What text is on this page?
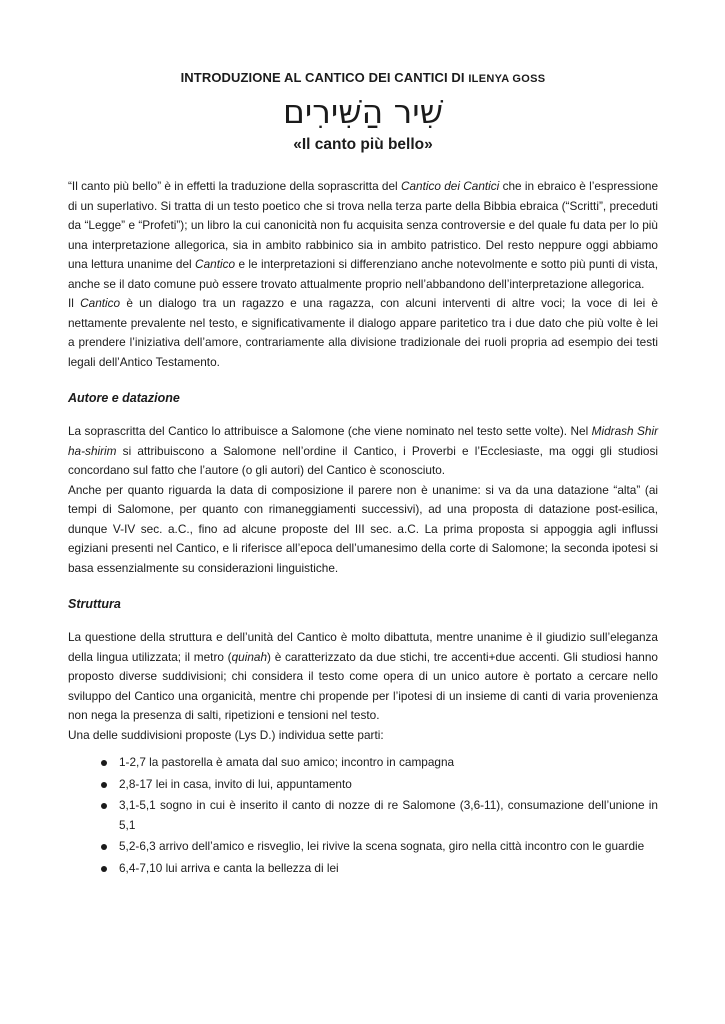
INTRODUZIONE AL CANTICO DEI CANTICI DI ILENYA GOSS
שִׁיר הַשִּׁירִים
«Il canto più bello»

“Il canto più bello” è in effetti la traduzione della soprascritta del Cantico dei Cantici che in ebraico è l’espressione di un superlativo. Si tratta di un testo poetico che si trova nella terza parte della Bibbia ebraica (“Scritti”, preceduti da “Legge” e “Profeti”); un libro la cui canonicità non fu acquisita senza controversie e del quale fu data per lo più una interpretazione allegorica, sia in ambito rabbinico sia in ambito patristico. Del resto neppure oggi abbiamo una lettura unanime del Cantico e le interpretazioni si differenziano anche notevolmente e sotto più punti di vista, anche se il dato comune può essere trovato attualmente proprio nell’abbandono dell’interpretazione allegorica.

Il Cantico è un dialogo tra un ragazzo e una ragazza, con alcuni interventi di altre voci; la voce di lei è nettamente prevalente nel testo, e significativamente il dialogo appare paritetico tra i due dato che più volte è lei a prendere l’iniziativa dell’amore, contrariamente alla divisione tradizionale dei ruoli propria ad esempio dei testi legali dell’Antico Testamento.

Autore e datazione

La soprascritta del Cantico lo attribuisce a Salomone (che viene nominato nel testo sette volte). Nel Midrash Shir ha-shirim si attribuiscono a Salomone nell’ordine il Cantico, i Proverbi e l’Ecclesiaste, ma oggi gli studiosi concordano sul fatto che l’autore (o gli autori) del Cantico è sconosciuto.

Anche per quanto riguarda la data di composizione il parere non è unanime: si va da una datazione “alta” (ai tempi di Salomone, per quanto con rimaneggiamenti successivi), ad una proposta di datazione post-esilica, dunque V-IV sec. a.C., fino ad alcune proposte del III sec. a.C. La prima proposta si appoggia agli influssi egiziani presenti nel Cantico, e li riferisce all’epoca dell’umanesimo della corte di Salomone; la seconda ipotesi si basa essenzialmente su considerazioni linguistiche.

Struttura

La questione della struttura e dell’unità del Cantico è molto dibattuta, mentre unanime è il giudizio sull’eleganza della lingua utilizzata; il metro (quinah) è caratterizzato da due stichi, tre accenti+due accenti. Gli studiosi hanno proposto diverse suddivisioni; chi considera il testo come opera di un unico autore è portato a cercare nello sviluppo del Cantico una organicità, mentre chi propende per l’ipotesi di un insieme di canti di varia provenienza non nega la presenza di salti, ripetizioni e tensioni nel testo.

Una delle suddivisioni proposte (Lys D.) individua sette parti:

1-2,7 la pastorella è amata dal suo amico; incontro in campagna
2,8-17 lei in casa, invito di lui, appuntamento
3,1-5,1 sogno in cui è inserito il canto di nozze di re Salomone (3,6-11), consumazione dell’unione in 5,1
5,2-6,3 arrivo dell’amico e risveglio, lei rivive la scena sognata, giro nella città incontro con le guardie
6,4-7,10 lui arriva e canta la bellezza di lei
